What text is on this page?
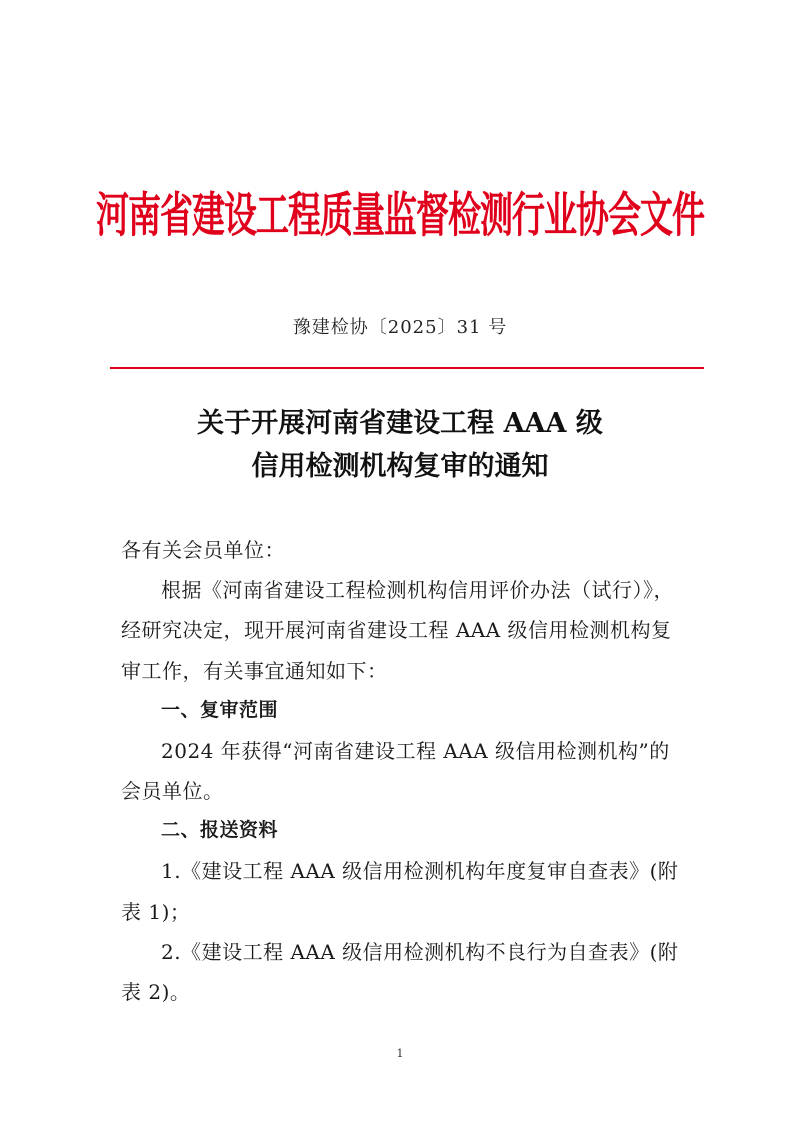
河南省建设工程质量监督检测行业协会文件
豫建检协〔2025〕31 号
关于开展河南省建设工程 AAA 级
信用检测机构复审的通知
各有关会员单位：
根据《河南省建设工程检测机构信用评价办法（试行）》，
经研究决定，现开展河南省建设工程 AAA 级信用检测机构复
审工作，有关事宜通知如下：
一、复审范围
2024 年获得“河南省建设工程 AAA 级信用检测机构”的
会员单位。
二、报送资料
1.《建设工程 AAA 级信用检测机构年度复审自查表》(附
表 1)；
2.《建设工程 AAA 级信用检测机构不良行为自查表》(附
表 2)。
1
